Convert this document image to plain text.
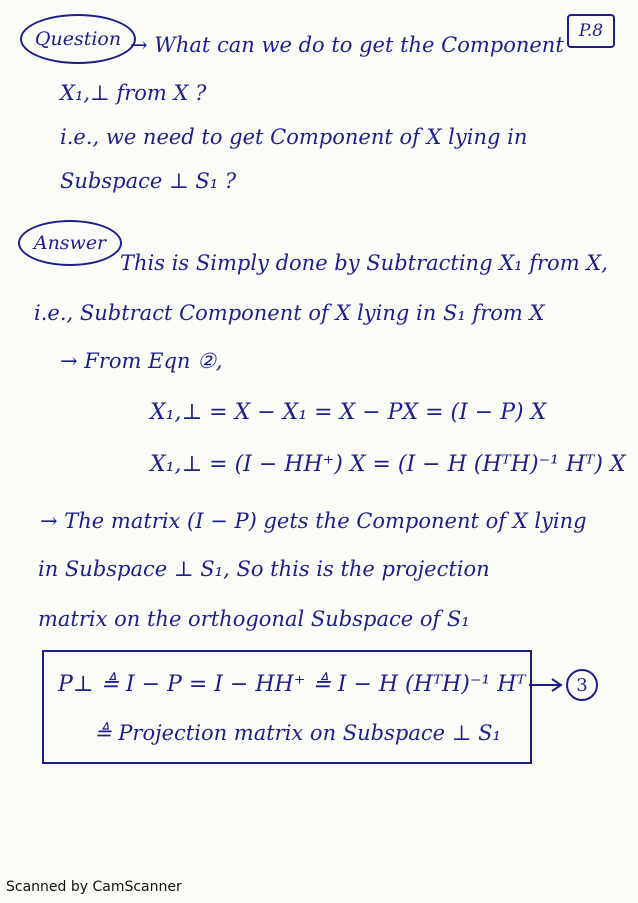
Question	P.8
→ What can we do to get the Component
X₁,⊥ from X ?
i.e., we need to get Component of X lying in
Subspace ⊥ S₁ ?
Answer
This is Simply done by Subtracting X₁ from X,
i.e., Subtract Component of X lying in S₁ from X
→ From Eqn ②,
X₁,⊥ = X − X₁ = X − PX = (I − P) X
X₁,⊥ = (I − HH⁺) X = (I − H (HᵀH)⁻¹ Hᵀ) X
→ The matrix (I − P) gets the Component of X lying
in Subspace ⊥ S₁, So this is the projection
matrix on the orthogonal Subspace of S₁
P⊥ ≜ I − P = I − HH⁺ ≜ I − H (HᵀH)⁻¹ Hᵀ
≜ Projection matrix on Subspace ⊥ S₁
3
Scanned by CamScanner
